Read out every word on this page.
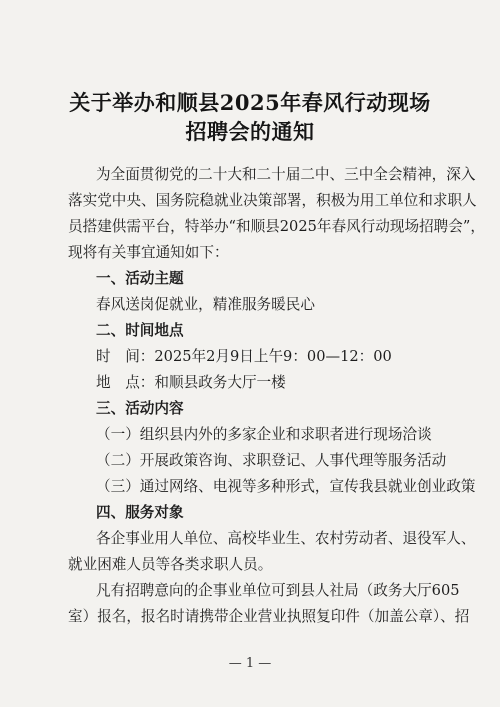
关于举办和顺县2025年春风行动现场
招聘会的通知
为全面贯彻党的二十大和二十届二中、三中全会精神，深入
落实党中央、国务院稳就业决策部署，积极为用工单位和求职人
员搭建供需平台，特举办“和顺县2025年春风行动现场招聘会”，
现将有关事宜通知如下：
一、活动主题
春风送岗促就业，精准服务暖民心
二、时间地点
时　间：2025年2月9日上午9：00—12：00
地　点：和顺县政务大厅一楼
三、活动内容
（一）组织县内外的多家企业和求职者进行现场洽谈
（二）开展政策咨询、求职登记、人事代理等服务活动
（三）通过网络、电视等多种形式，宣传我县就业创业政策
四、服务对象
各企事业用人单位、高校毕业生、农村劳动者、退役军人、
就业困难人员等各类求职人员。
凡有招聘意向的企事业单位可到县人社局（政务大厅605
室）报名，报名时请携带企业营业执照复印件（加盖公章）、招
— 1 —
